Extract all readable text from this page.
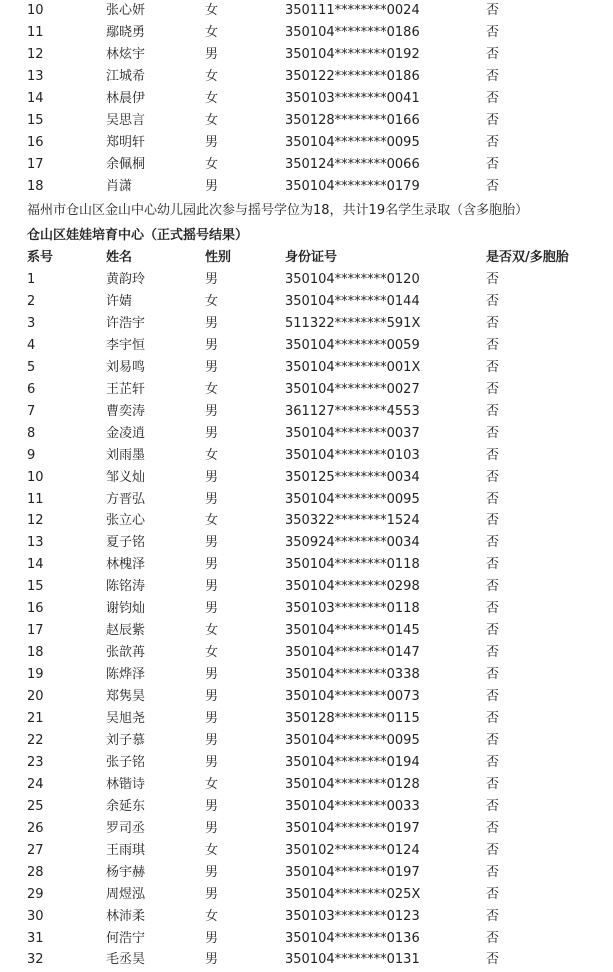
10	张心妍	女	350111********0024	否
11	鄢晓勇	女	350104********0186	否
12	林炫宇	男	350104********0192	否
13	江城希	女	350122********0186	否
14	林晨伊	女	350103********0041	否
15	吴思言	女	350128********0166	否
16	郑明轩	男	350104********0095	否
17	余佩桐	女	350124********0066	否
18	肖潇	男	350104********0179	否
福州市仓山区金山中心幼儿园此次参与摇号学位为18，共计19名学生录取（含多胞胎）
仓山区娃娃培育中心（正式摇号结果）
系号	姓名	性别	身份证号	是否双/多胞胎
1	黄韵玲	男	350104********0120	否
2	许婧	女	350104********0144	否
3	许浩宇	男	511322********591X	否
4	李宇恒	男	350104********0059	否
5	刘易鸣	男	350104********001X	否
6	王芷轩	女	350104********0027	否
7	曹奕涛	男	361127********4553	否
8	金凌逍	男	350104********0037	否
9	刘雨墨	女	350104********0103	否
10	邹义灿	男	350125********0034	否
11	方晋弘	男	350104********0095	否
12	张立心	女	350322********1524	否
13	夏子铭	男	350924********0034	否
14	林槐泽	男	350104********0118	否
15	陈铭涛	男	350104********0298	否
16	谢钧灿	男	350103********0118	否
17	赵辰紫	女	350104********0145	否
18	张歆苒	女	350104********0147	否
19	陈烨泽	男	350104********0338	否
20	郑隽昊	男	350104********0073	否
21	吴旭尧	男	350128********0115	否
22	刘子慕	男	350104********0095	否
23	张子铭	男	350104********0194	否
24	林锴诗	女	350104********0128	否
25	余延东	男	350104********0033	否
26	罗司丞	男	350104********0197	否
27	王雨琪	女	350102********0124	否
28	杨宇赫	男	350104********0197	否
29	周煜泓	男	350104********025X	否
30	林沛柔	女	350103********0123	否
31	何浩宁	男	350104********0136	否
32	毛丞昊	男	350104********0131	否
